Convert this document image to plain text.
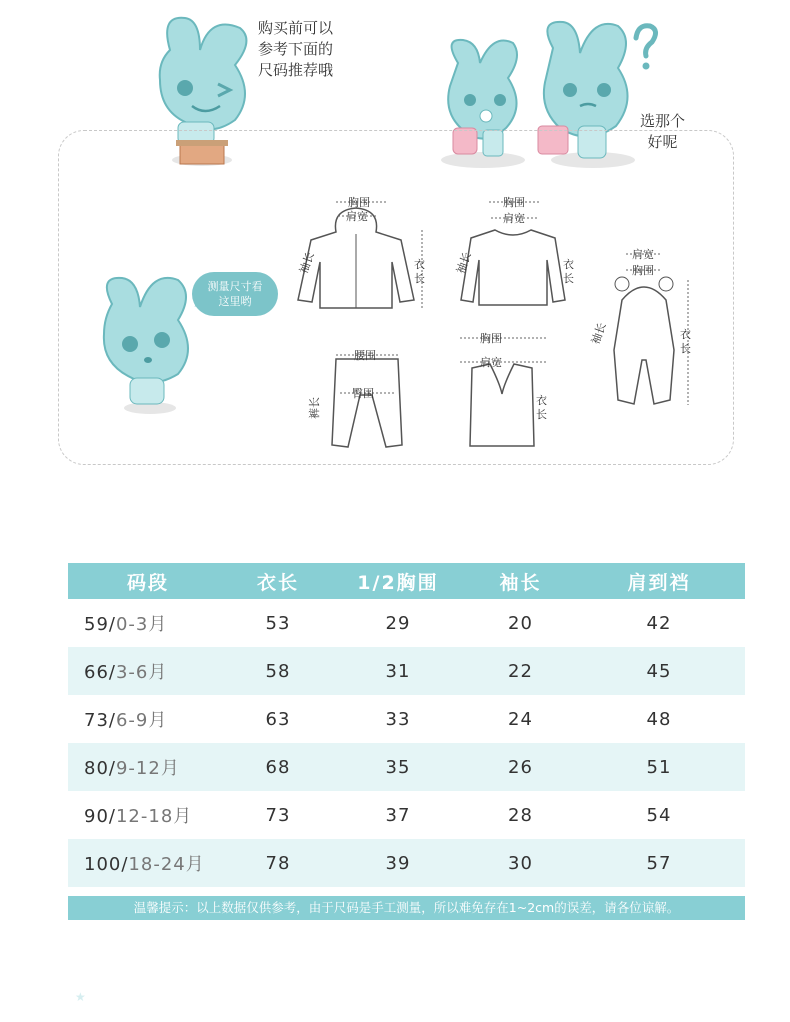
购买前可以
参考下面的
尺码推荐哦
选那个
好呢
测量尺寸看
这里哟
胸围
肩宽
衣
长
袖长
胸围
肩宽
衣
长
袖长	肩宽
胸围
衣
长
袖长
腰围
臀围
裤长
胸围
肩宽
衣
长
码段	衣长	1/2胸围	袖长	肩到裆
59/0-3月	53	29	20	42
66/3-6月	58	31	22	45
73/6-9月	63	33	24	48
80/9-12月	68	35	26	51
90/12-18月	73	37	28	54
100/18-24月	78	39	30	57
温馨提示：以上数据仅供参考，由于尺码是手工测量，所以难免存在1~2cm的误差，请各位谅解。
★
